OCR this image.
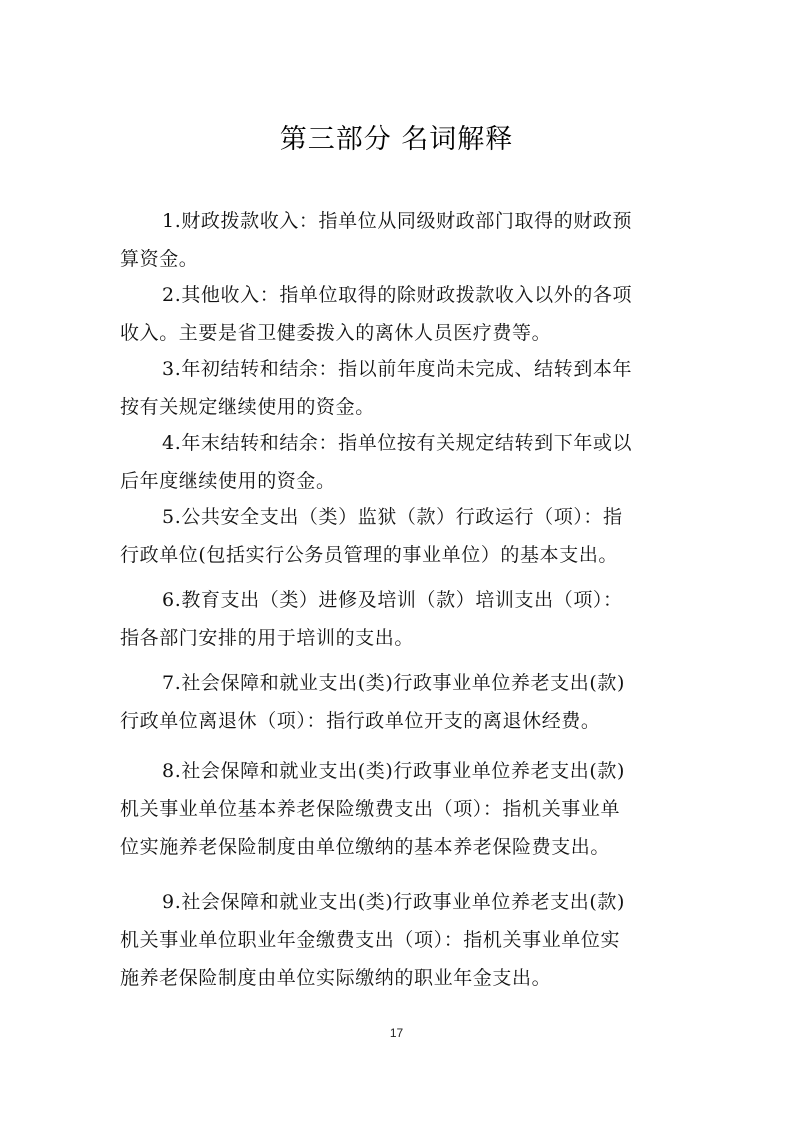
第三部分 名词解释
1.财政拨款收入：指单位从同级财政部门取得的财政预
算资金。
2.其他收入：指单位取得的除财政拨款收入以外的各项
收入。主要是省卫健委拨入的离休人员医疗费等。
3.年初结转和结余：指以前年度尚未完成、结转到本年
按有关规定继续使用的资金。
4.年末结转和结余：指单位按有关规定结转到下年或以
后年度继续使用的资金。
5.公共安全支出（类）监狱（款）行政运行（项）：指
行政单位(包括实行公务员管理的事业单位）的基本支出。
6.教育支出（类）进修及培训（款）培训支出（项）：
指各部门安排的用于培训的支出。
7.社会保障和就业支出(类)行政事业单位养老支出(款)
行政单位离退休（项）：指行政单位开支的离退休经费。
8.社会保障和就业支出(类)行政事业单位养老支出(款)
机关事业单位基本养老保险缴费支出（项）：指机关事业单
位实施养老保险制度由单位缴纳的基本养老保险费支出。
9.社会保障和就业支出(类)行政事业单位养老支出(款)
机关事业单位职业年金缴费支出（项）：指机关事业单位实
施养老保险制度由单位实际缴纳的职业年金支出。
17
